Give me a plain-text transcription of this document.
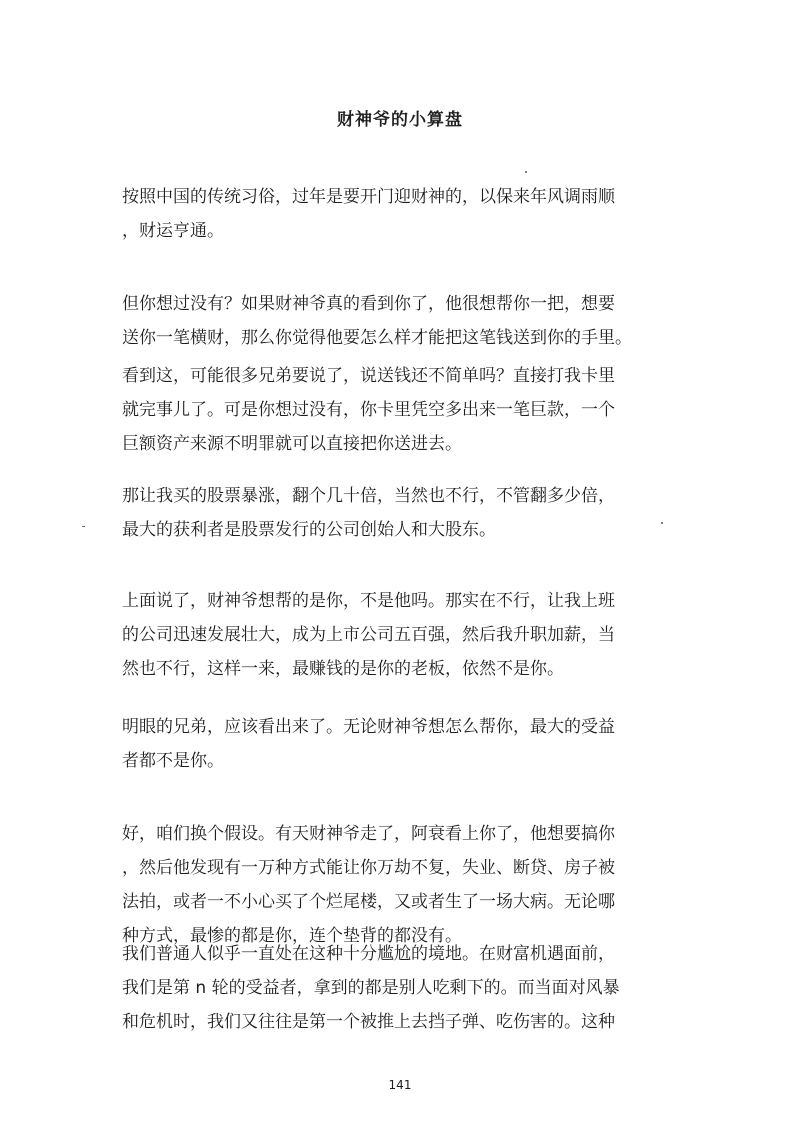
财神爷的小算盘
按照中国的传统习俗，过年是要开门迎财神的，以保来年风调雨顺
，财运亨通。
但你想过没有？如果财神爷真的看到你了，他很想帮你一把，想要
送你一笔横财，那么你觉得他要怎么样才能把这笔钱送到你的手里。
看到这，可能很多兄弟要说了，说送钱还不简单吗？直接打我卡里
就完事儿了。可是你想过没有，你卡里凭空多出来一笔巨款，一个
巨额资产来源不明罪就可以直接把你送进去。
那让我买的股票暴涨，翻个几十倍，当然也不行，不管翻多少倍，
最大的获利者是股票发行的公司创始人和大股东。
上面说了，财神爷想帮的是你，不是他吗。那实在不行，让我上班
的公司迅速发展壮大，成为上市公司五百强，然后我升职加薪，当
然也不行，这样一来，最赚钱的是你的老板，依然不是你。
明眼的兄弟，应该看出来了。无论财神爷想怎么帮你，最大的受益
者都不是你。
好，咱们换个假设。有天财神爷走了，阿衰看上你了，他想要搞你
，然后他发现有一万种方式能让你万劫不复，失业、断贷、房子被
法拍，或者一不小心买了个烂尾楼，又或者生了一场大病。无论哪
种方式，最惨的都是你，连个垫背的都没有。
我们普通人似乎一直处在这种十分尴尬的境地。在财富机遇面前，
我们是第 n 轮的受益者，拿到的都是别人吃剩下的。而当面对风暴
和危机时，我们又往往是第一个被推上去挡子弹、吃伤害的。这种
141
